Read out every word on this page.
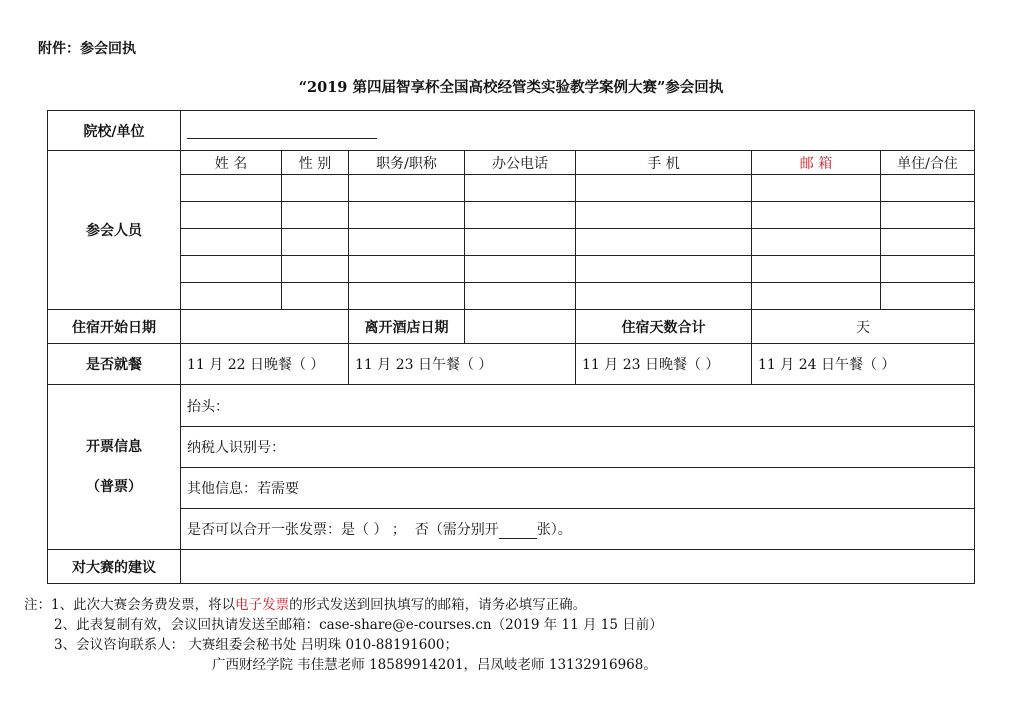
附件：参会回执
“2019 第四届智享杯全国高校经管类实验教学案例大赛”参会回执
院校/单位							
参会人员	姓 名	性 别	职务/职称	办公电话	手 机	邮 箱	单住/合住

住宿开始日期			离开酒店日期		住宿天数合计	天	
是否就餐	11 月 22 日晚餐（ ）		11 月 23 日午餐（ ）		11 月 23 日晚餐（ ）	11 月 24 日午餐（ ）	

开票信息
（普票）	抬头：						
	纳税人识别号：						
	其他信息：若需要						
	是否可以合开一张发票：是（ ） ；  否（需分别开 张）。						
对大赛的建议							
注：1、此次大赛会务费发票，将以电子发票的形式发送到回执填写的邮箱，请务必填写正确。
2、此表复制有效，会议回执请发送至邮箱：case-share@e-courses.cn（2019 年 11 月 15 日前）
3、会议咨询联系人： 大赛组委会秘书处 吕明珠 010-88191600；
广西财经学院 韦佳慧老师 18589914201，吕凤岐老师 13132916968。
